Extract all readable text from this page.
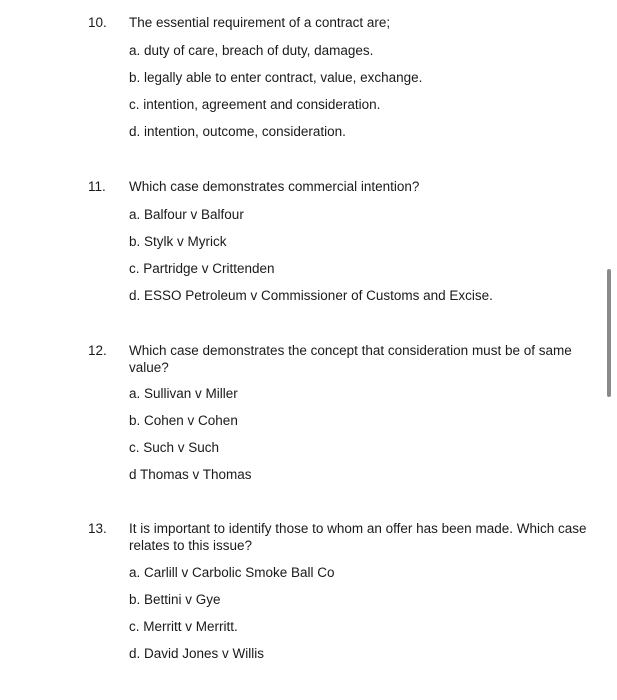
10. The essential requirement of a contract are;
a. duty of care, breach of duty, damages.
b. legally able to enter contract, value, exchange.
c. intention, agreement and consideration.
d. intention, outcome, consideration.
11. Which case demonstrates commercial intention?
a. Balfour v Balfour
b. Stylk v Myrick
c. Partridge v Crittenden
d. ESSO Petroleum v Commissioner of Customs and Excise.
12. Which case demonstrates the concept that consideration must be of same value?
a. Sullivan v Miller
b. Cohen v Cohen
c. Such v Such
d Thomas v Thomas
13. It is important to identify those to whom an offer has been made. Which case relates to this issue?
a. Carlill v Carbolic Smoke Ball Co
b. Bettini v Gye
c. Merritt v Merritt.
d. David Jones v Willis
